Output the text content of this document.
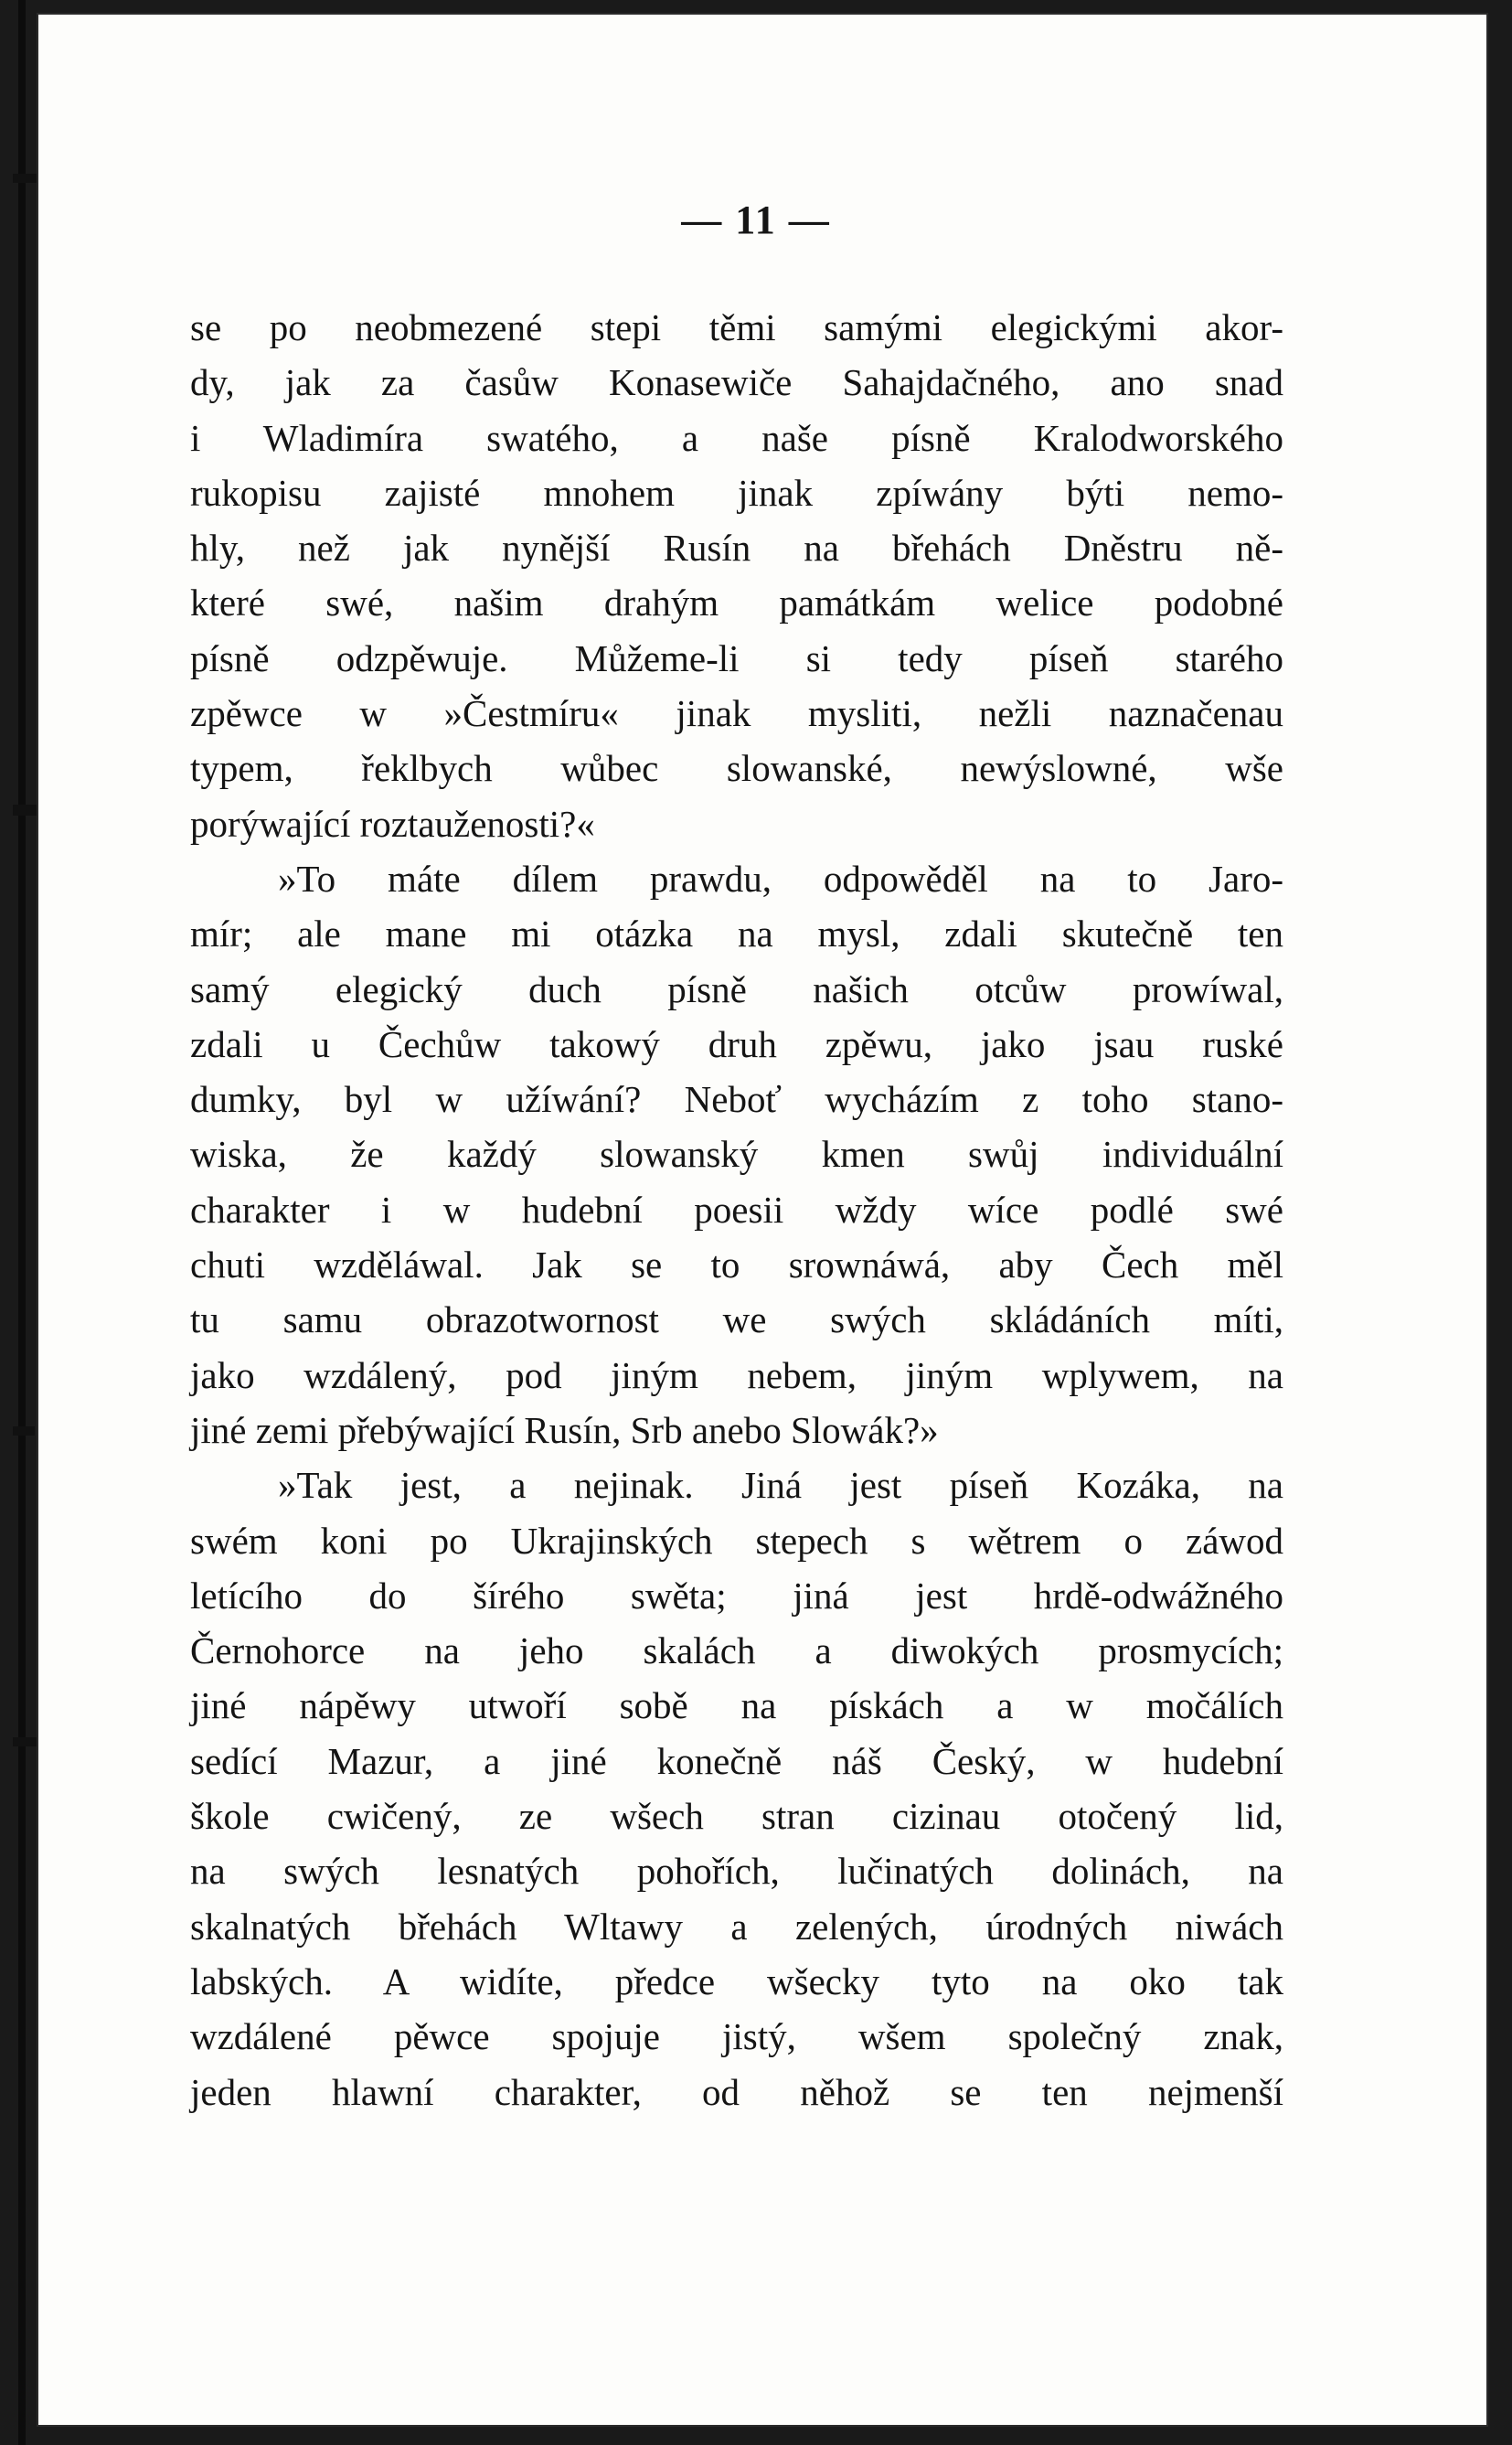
— 11 —
se po neobmezené stepi těmi samými elegickými akor-
dy, jak za časůw Konasewiče Sahajdačného, ano snad
i Wladimíra swatého, a naše písně Kralodworského
rukopisu zajisté mnohem jinak zpíwány býti nemo-
hly, než jak nynější Rusín na břehách Dněstru ně-
které swé, našim drahým památkám welice podobné
písně odzpěwuje. Můžeme-li si tedy píseň starého
zpěwce w »Čestmíru« jinak mysliti, nežli naznačenau
typem, řeklbych wůbec slowanské, newýslowné, wše
porýwající roztauženosti?«
»To máte dílem prawdu, odpowěděl na to Jaro-
mír; ale mane mi otázka na mysl, zdali skutečně ten
samý elegický duch písně našich otcůw prowíwal,
zdali u Čechůw takowý druh zpěwu, jako jsau ruské
dumky, byl w užíwání? Neboť wycházím z toho stano-
wiska, že každý slowanský kmen swůj individuální
charakter i w hudební poesii wždy wíce podlé swé
chuti wzděláwal. Jak se to srownáwá, aby Čech měl
tu samu obrazotwornost we swých skládáních míti,
jako wzdálený, pod jiným nebem, jiným wplywem, na
jiné zemi přebýwající Rusín, Srb anebo Slowák?»
»Tak jest, a nejinak. Jiná jest píseň Kozáka, na
swém koni po Ukrajinských stepech s wětrem o záwod
letícího do šírého swěta; jiná jest hrdě-odwážného
Černohorce na jeho skalách a diwokých prosmycích;
jiné nápěwy utwoří sobě na pískách a w močálích
sedící Mazur, a jiné konečně náš Český, w hudební
škole cwičený, ze wšech stran cizinau otočený lid,
na swých lesnatých pohořích, lučinatých dolinách, na
skalnatých břehách Wltawy a zelených, úrodných niwách
labských. A widíte, předce wšecky tyto na oko tak
wzdálené pěwce spojuje jistý, wšem společný znak,
jeden hlawní charakter, od něhož se ten nejmenší
